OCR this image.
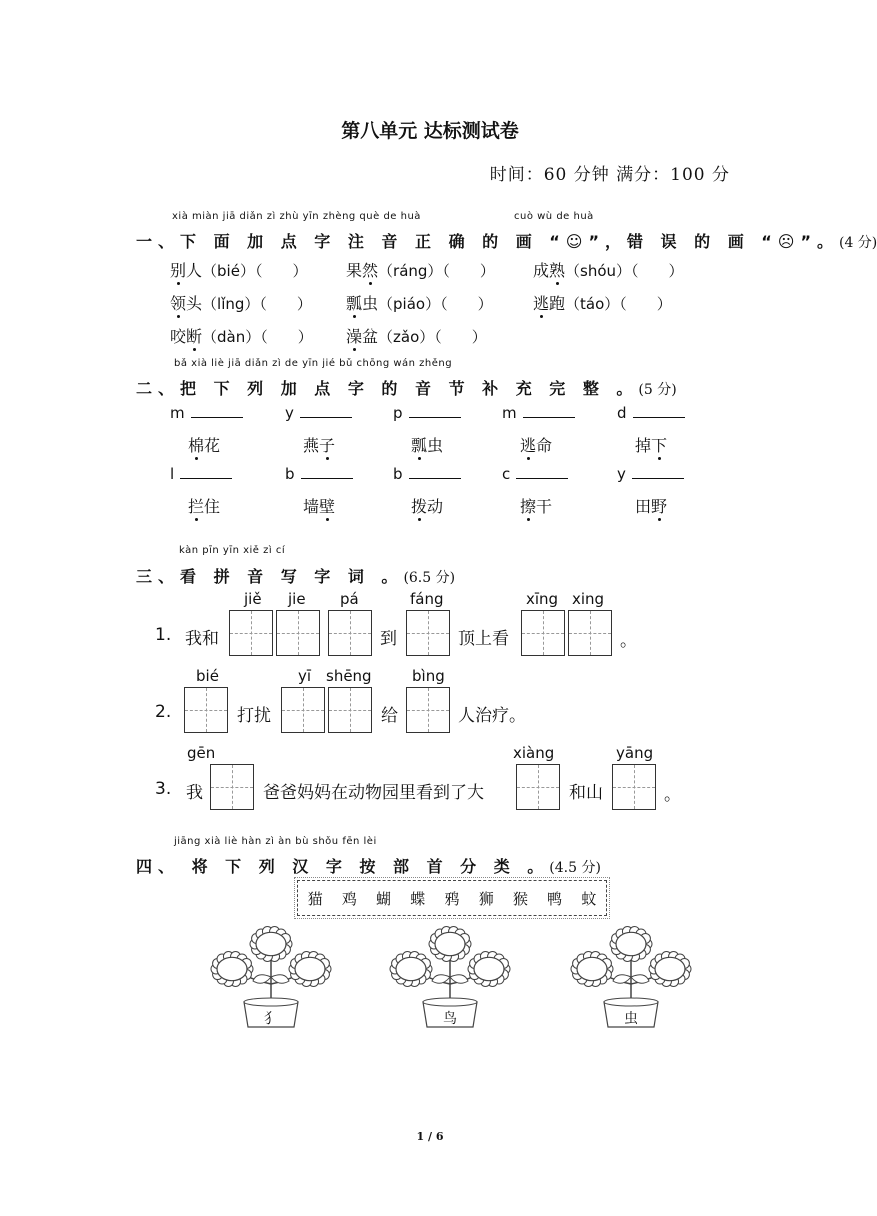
第八单元 达标测试卷
时间：60 分钟 满分：100 分
xià miàn jiā diǎn zì zhù yīn zhèng què de huà	cuò wù de huà
一、下 面 加 点 字 注 音 正 确 的 画 “☺”，错 误 的 画 “☹”。(4 分)
别人（bié）（　　） 果然（ráng）（　　） 成熟（shóu）（　　）
领头（lǐng）（　　） 瓢虫（piáo）（　　）	逃跑（táo）（　　）
咬断（dàn）（　　） 澡盆（zǎo）（　　）
bǎ xià liè jiā diǎn zì de yīn jié bǔ chōng wán zhěng
二、把 下 列 加 点 字 的 音 节 补 充 完 整 。(5 分)
m
棉花
y
燕子
p
瓢虫
m
逃命
d
掉下
l
拦住
b
墙壁
b
拨动
c
擦干
y
田野
kàn pīn yīn xiě zì cí
三、看 拼 音 写 字 词 。(6.5 分)
jiě jie pá	fáng	xīng xing
1. 我和	到	顶上看	。
bié	yī shēng	bìng
2.	打扰	给	人治疗。
gēn	xiàng	yāng
3. 我	爸爸妈妈在动物园里看到了大	和山	。
jiāng xià liè hàn zì àn bù shǒu fēn lèi
四、 将 下 列 汉 字 按 部 首 分 类 。(4.5 分)
猫 鸡 蝴 蝶 鸦 狮 猴 鸭 蚊
犭	鸟	虫
1 / 6
